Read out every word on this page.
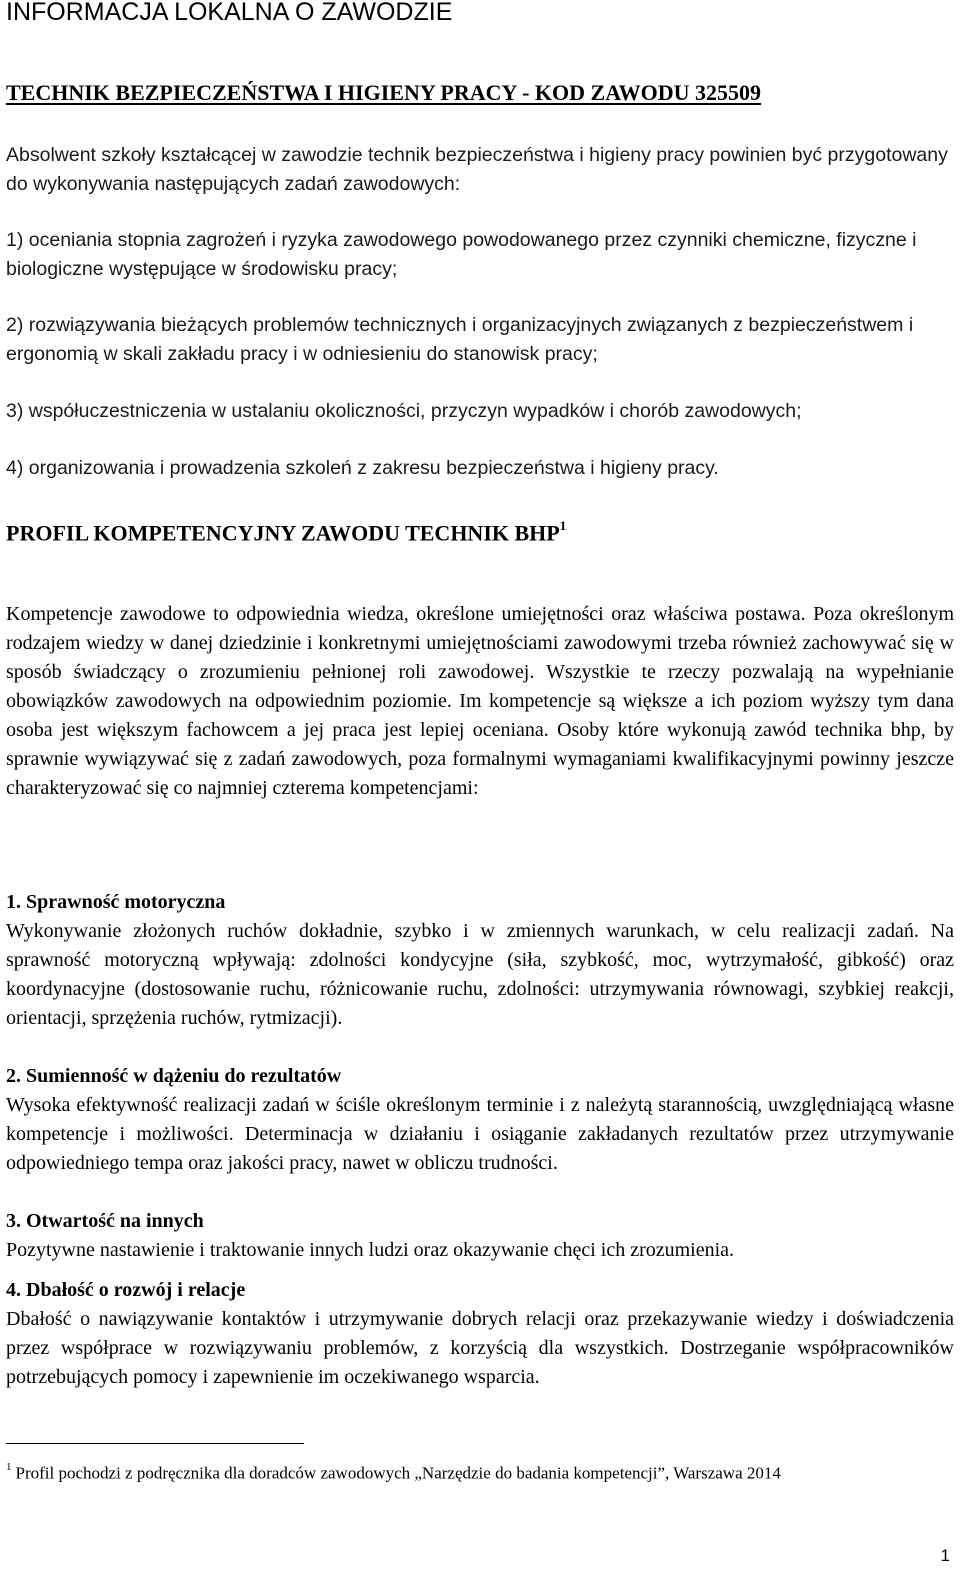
INFORMACJA LOKALNA O ZAWODZIE
TECHNIK BEZPIECZEŃSTWA I HIGIENY PRACY - KOD ZAWODU 325509

Absolwent szkoły kształcącej w zawodzie technik bezpieczeństwa i higieny pracy powinien być przygotowany do wykonywania następujących zadań zawodowych:

1) oceniania stopnia zagrożeń i ryzyka zawodowego powodowanego przez czynniki chemiczne, fizyczne i biologiczne występujące w środowisku pracy;

2) rozwiązywania bieżących problemów technicznych i organizacyjnych związanych z bezpieczeństwem i ergonomią w skali zakładu pracy i w odniesieniu do stanowisk pracy;

3) współuczestniczenia w ustalaniu okoliczności, przyczyn wypadków i chorób zawodowych;

4) organizowania i prowadzenia szkoleń z zakresu bezpieczeństwa i higieny pracy.

PROFIL KOMPETENCYJNY ZAWODU TECHNIK BHP$^1$

Kompetencje zawodowe to odpowiednia wiedza, określone umiejętności oraz właściwa postawa. Poza określonym rodzajem wiedzy w danej dziedzinie i konkretnymi umiejętnościami zawodowymi trzeba również zachowywać się w sposób świadczący o zrozumieniu pełnionej roli zawodowej. Wszystkie te rzeczy pozwalają na wypełnianie obowiązków zawodowych na odpowiednim poziomie. Im kompetencje są większe a ich poziom wyższy tym dana osoba jest większym fachowcem a jej praca jest lepiej oceniana. Osoby które wykonują zawód technika bhp, by sprawnie wywiązywać się z zadań zawodowych, poza formalnymi wymaganiami kwalifikacyjnymi powinny jeszcze charakteryzować się co najmniej czterema kompetencjami:

1. Sprawność motoryczna
Wykonywanie złożonych ruchów dokładnie, szybko i w zmiennych warunkach, w celu realizacji zadań. Na sprawność motoryczną wpływają: zdolności kondycyjne (siła, szybkość, moc, wytrzymałość, gibkość) oraz koordynacyjne (dostosowanie ruchu, różnicowanie ruchu, zdolności: utrzymywania równowagi, szybkiej reakcji, orientacji, sprzężenia ruchów, rytmizacji).
2. Sumienność w dążeniu do rezultatów
Wysoka efektywność realizacji zadań w ściśle określonym terminie i z należytą starannością, uwzględniającą własne kompetencje i możliwości. Determinacja w działaniu i osiąganie zakładanych rezultatów przez utrzymywanie odpowiedniego tempa oraz jakości pracy, nawet w obliczu trudności.
3. Otwartość na innych
Pozytywne nastawienie i traktowanie innych ludzi oraz okazywanie chęci ich zrozumienia.
4. Dbałość o rozwój i relacje
Dbałość o nawiązywanie kontaktów i utrzymywanie dobrych relacji oraz przekazywanie wiedzy i doświadczenia przez współprace w rozwiązywaniu problemów, z korzyścią dla wszystkich. Dostrzeganie współpracowników potrzebujących pomocy i zapewnienie im oczekiwanego wsparcia.

$^1$ Profil pochodzi z podręcznika dla doradców zawodowych „Narzędzie do badania kompetencji”, Warszawa 2014

1
